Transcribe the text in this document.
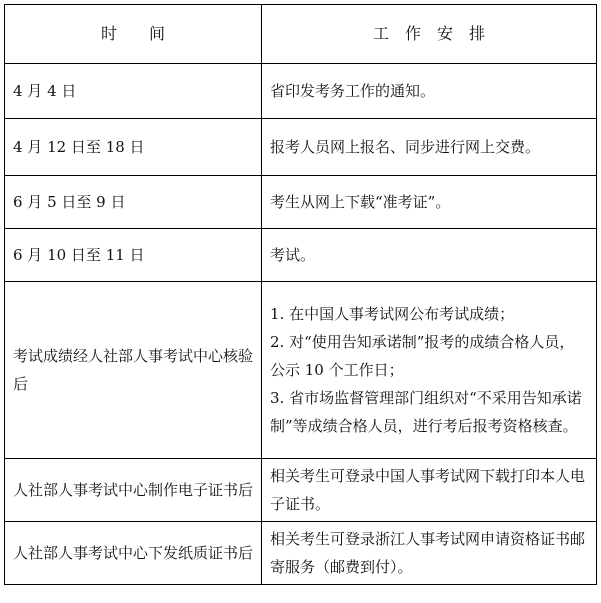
时　　间	工　作　安　排
4 月 4 日	省印发考务工作的通知。

4 月 12 日至 18 日	报考人员网上报名、同步进行网上交费。

6 月 5 日至 9 日	考生从网上下载“准考证”。

6 月 10 日至 11 日	考试。

考试成绩经人社部人事考试中心核验后	1. 在中国人事考试网公布考试成绩；
2. 对“使用告知承诺制”报考的成绩合格人员，公示 10 个工作日；
3. 省市场监督管理部门组织对“不采用告知承诺制”等成绩合格人员，进行考后报考资格核查。

人社部人事考试中心制作电子证书后	相关考生可登录中国人事考试网下载打印本人电子证书。

人社部人事考试中心下发纸质证书后	相关考生可登录浙江人事考试网申请资格证书邮寄服务（邮费到付）。
